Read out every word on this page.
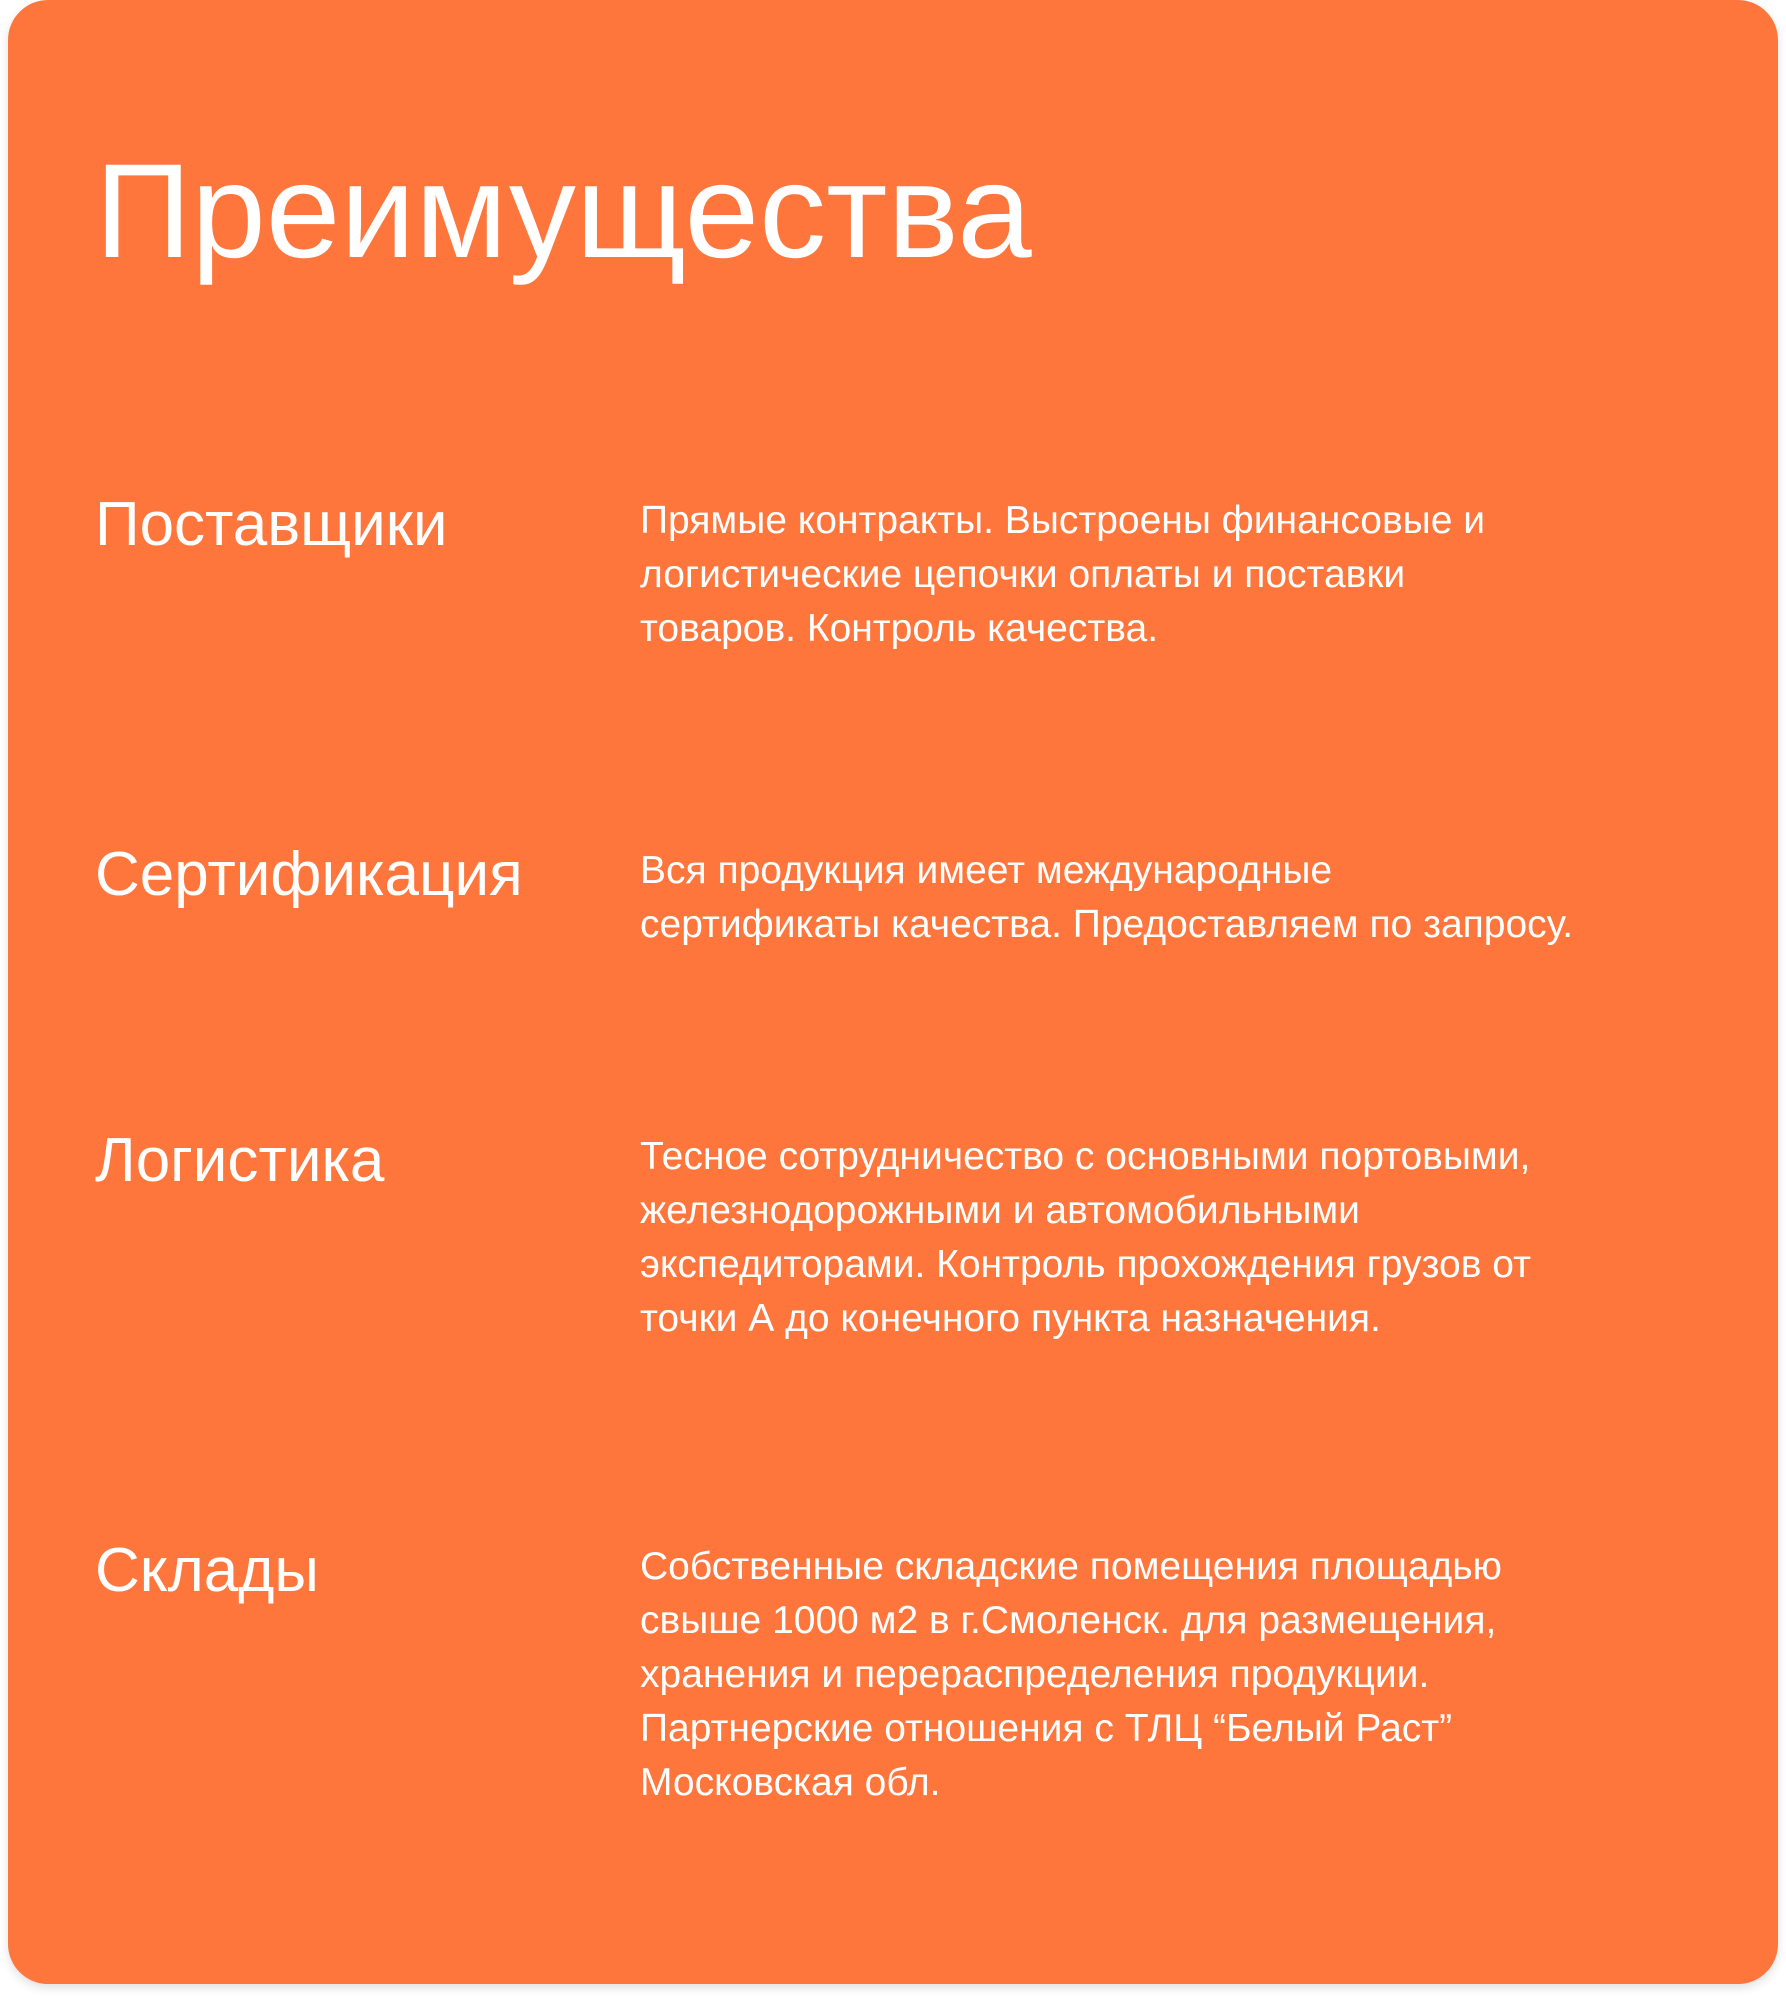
Преимущества
Поставщики	Прямые контракты. Выстроены финансовые и
логистические цепочки оплаты и поставки
товаров. Контроль качества.

Сертификация	Вся продукция имеет международные
сертификаты качества. Предоставляем по запросу.

Логистика	Тесное сотрудничество с основными портовыми,
железнодорожными и автомобильными
экспедиторами. Контроль прохождения грузов от
точки А до конечного пункта назначения.

Склады	Собственные складские помещения площадью
свыше 1000 м2 в г.Смоленск. для размещения,
хранения и перераспределения продукции.
Партнерские отношения с ТЛЦ “Белый Раст”
Московская обл.
